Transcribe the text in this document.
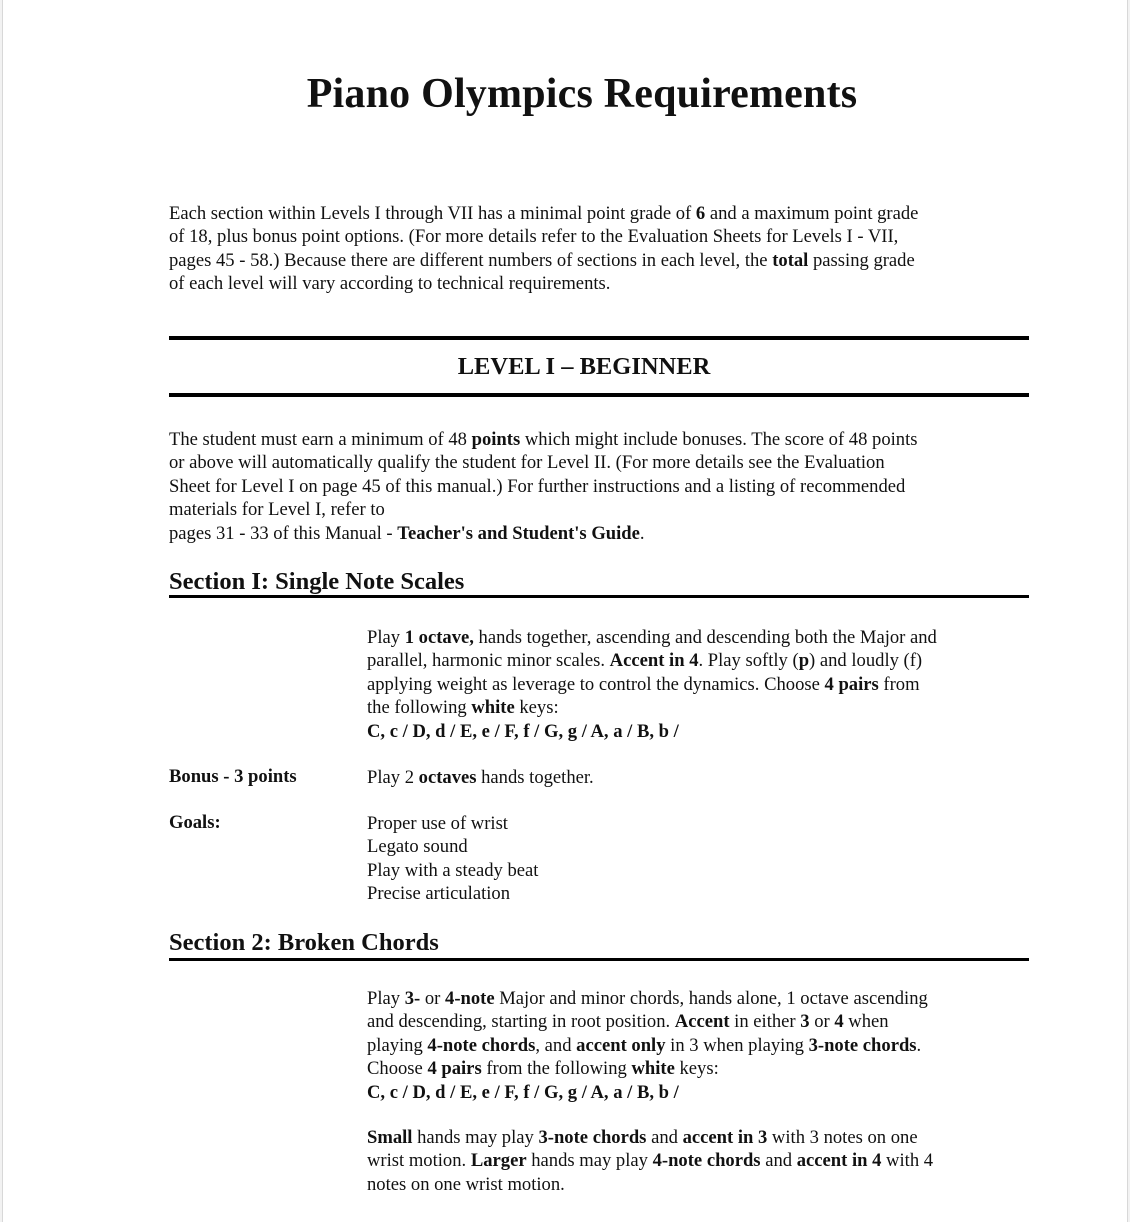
Piano Olympics Requirements
Each section within Levels I through VII has a minimal point grade of 6 and a maximum point grade
of 18, plus bonus point options. (For more details refer to the Evaluation Sheets for Levels I - VII,
pages 45 - 58.) Because there are different numbers of sections in each level, the total passing grade
of each level will vary according to technical requirements.
LEVEL I – BEGINNER
The student must earn a minimum of 48 points which might include bonuses. The score of 48 points
or above will automatically qualify the student for Level II. (For more details see the Evaluation
Sheet for Level I on page 45 of this manual.) For further instructions and a listing of recommended
materials for Level I, refer to
pages 31 - 33 of this Manual - Teacher's and Student's Guide.
Section I: Single Note Scales
Play 1 octave, hands together, ascending and descending both the Major and
parallel, harmonic minor scales. Accent in 4. Play softly (p) and loudly (f)
applying weight as leverage to control the dynamics. Choose 4 pairs from
the following white keys:
C, c / D, d / E, e / F, f / G, g / A, a / B, b /
Bonus - 3 points	Play 2 octaves hands together.
Goals:	Proper use of wrist
Legato sound
Play with a steady beat
Precise articulation
Section 2: Broken Chords
Play 3- or 4-note Major and minor chords, hands alone, 1 octave ascending
and descending, starting in root position. Accent in either 3 or 4 when
playing 4-note chords, and accent only in 3 when playing 3-note chords.
Choose 4 pairs from the following white keys:
C, c / D, d / E, e / F, f / G, g / A, a / B, b /
Small hands may play 3-note chords and accent in 3 with 3 notes on one
wrist motion. Larger hands may play 4-note chords and accent in 4 with 4
notes on one wrist motion.
